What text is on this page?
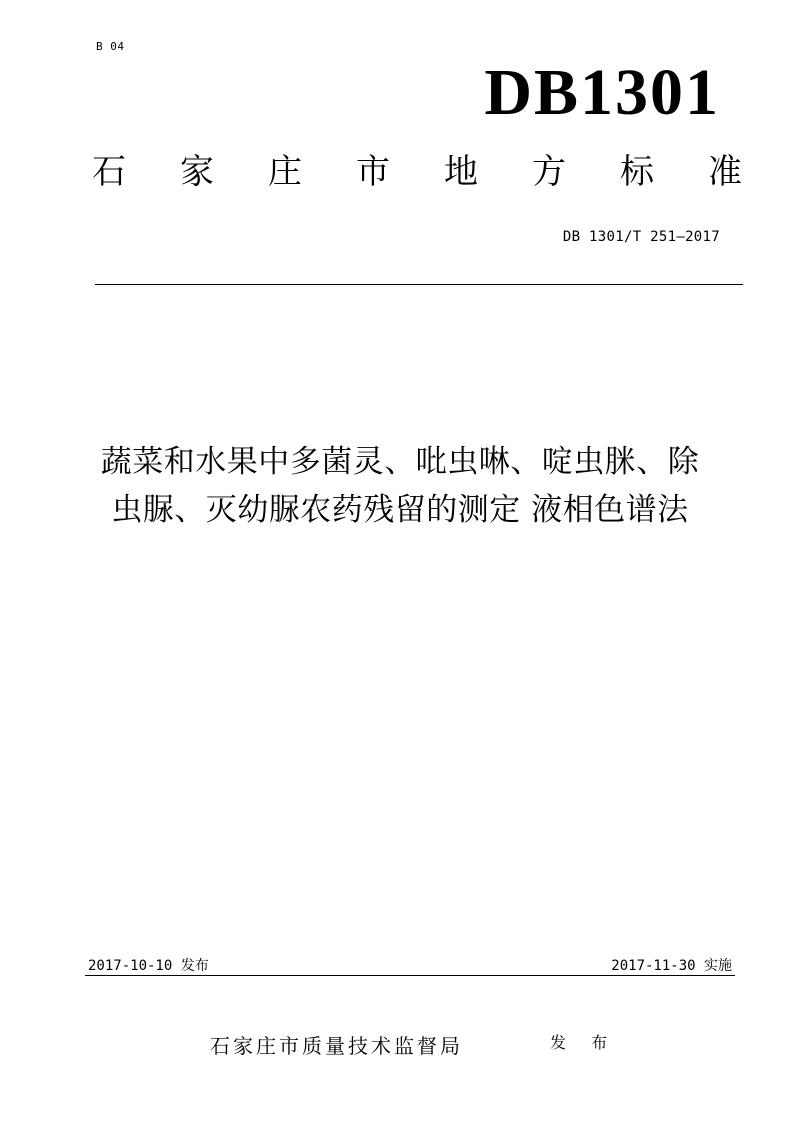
B 04
DB1301
石 家 庄 市 地 方 标 准
DB 1301/T 251—2017
蔬菜和水果中多菌灵、吡虫啉、啶虫脒、除
虫脲、灭幼脲农药残留的测定 液相色谱法
2017-10-10 发布	2017-11-30 实施
石家庄市质量技术监督局	发 布
